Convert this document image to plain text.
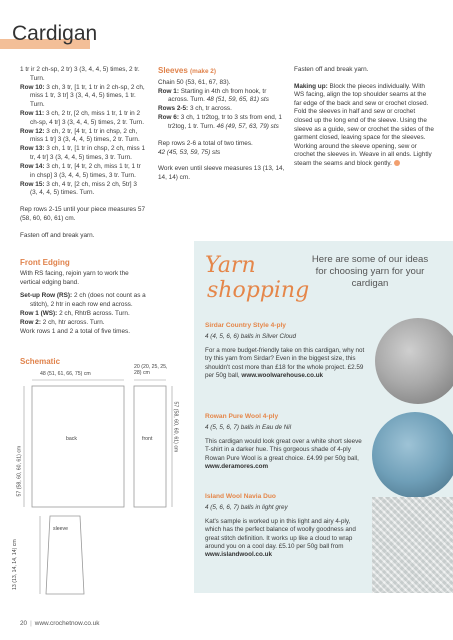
Cardigan
1 tr ir 2 ch-sp, 2 tr) 3 (3, 4, 4, 5) times, 2 tr. Turn.
Row 10: 3 ch, 3 tr, [1 tr, 1 tr in 2 ch-sp, 2 ch, miss 1 tr, 3 tr] 3 (3, 4, 4, 5) times, 1 tr. Turn.
Row 11: 3 ch, 2 tr, [2 ch, miss 1 tr, 1 tr in 2 ch-sp, 4 tr] 3 (3, 4, 4, 5) times, 2 tr. Turn.
Row 12: 3 ch, 2 tr, [4 tr, 1 tr in chsp, 2 ch, miss 1 tr] 3 (3, 4, 4, 5) times, 2 tr. Turn.
Row 13: 3 ch, 1 tr, [1 tr in chsp, 2 ch, miss 1 tr, 4 tr] 3 (3, 4, 4, 5) times, 3 tr. Turn.
Row 14: 3 ch, 1 tr, [4 tr, 2 ch, miss 1 tr, 1 tr in chsp] 3 (3, 4, 4, 5) times, 3 tr. Turn.
Row 15: 3 ch, 4 tr, [2 ch, miss 2 ch, 5tr] 3 (3, 4, 4, 5) times. Turn.
Rep rows 2-15 until your piece measures 57 (58, 60, 60, 61) cm.
Fasten off and break yarn.
Front Edging
With RS facing, rejoin yarn to work the vertical edging band.
Set-up Row (RS): 2 ch (does not count as a stitch), 2 htr in each row end across.
Row 1 (WS): 2 ch, RhtrB across. Turn.
Row 2: 2 ch, htr across. Turn.
Work rows 1 and 2 a total of five times.
Schematic
48 (51, 61, 66, 75) cm
20 (20, 25, 25, 28) cm
back	front
sleeve
57 (58, 60, 60, 61) cm
57 (58, 60, 60, 61) cm
13 (13, 14, 14, 14) cm
Sleeves (make 2)
Chain 50 (53, 61, 67, 83).
Row 1: Starting in 4th ch from hook, tr across. Turn. 48 (51, 59, 65, 81) sts
Rows 2-5: 3 ch, tr across.
Row 6: 3 ch, 1 tr2tog, tr to 3 sts from end, 1 tr2tog, 1 tr. Turn. 46 (49, 57, 63, 79) sts
Rep rows 2-6 a total of two times.
42 (45, 53, 59, 75) sts
Work even until sleeve measures 13 (13, 14, 14, 14) cm.
Fasten off and break yarn.
Making up: Block the pieces individually. With WS facing, align the top shoulder seams at the far edge of the back and sew or crochet closed. Fold the sleeves in half and sew or crochet closed up the long end of the sleeve. Using the sleeve as a guide, sew or crochet the sides of the garment closed, leaving space for the sleeves. Working around the sleeve opening, sew or crochet the sleeves in. Weave in all ends. Lightly steam the seams and block gently.
Yarn
shopping
Here are some of our ideas for choosing yarn for your cardigan
Sirdar Country Style 4-ply
4 (4, 5, 6, 6) balls in Silver Cloud
For a more budget-friendly take on this cardigan, why not try this yarn from Sirdar? Even in the biggest size, this shouldn't cost more than £18 for the whole project. £2.59 per 50g ball, www.woolwarehouse.co.uk
Rowan Pure Wool 4-ply
4 (5, 5, 6, 7) balls in Eau de Nil
This cardigan would look great over a white short sleeve T-shirt in a darker hue. This gorgeous shade of 4-ply Rowan Pure Wool is a great choice. £4.99 per 50g ball, www.deramores.com
Island Wool Navia Duo
4 (5, 6, 6, 7) balls in light grey
Kat's sample is worked up in this light and airy 4-ply, which has the perfect balance of woolly goodness and great stitch definition. It works up like a cloud to wrap around you on a cool day. £5.10 per 50g ball from www.islandwool.co.uk
20 | www.crochetnow.co.uk
